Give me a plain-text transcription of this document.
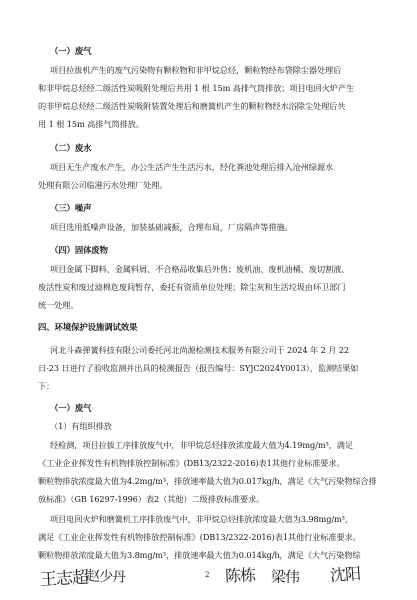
（一）废气
项目拉拔机产生的废气污染物有颗粒物和非甲烷总烃，颗粒物经布袋除尘器处理后
和非甲烷总烃经二级活性炭吸附处理后共用 1 根 15m 高排气筒排放；项目电回火炉产生
的非甲烷总烃经二级活性炭吸附装置处理后和磨簧机产生的颗粒物经水浴除尘处理后共
用 1 根 15m 高排气筒排放。
（二）废水
项目无生产废水产生，办公生活产生生活污水，经化粪池处理后排入沧州绿源水
处理有限公司临港污水处理厂处理。
（三）噪声
项目选用低噪声设备，加装基础减振，合理布局，厂房隔声等措施。
（四）固体废物
项目金属下脚料、金属料屑、不合格品收集后外售；废机油、废机油桶、废切割液、
废活性炭和废过滤棉危废间暂存，委托有资质单位处理；除尘灰和生活垃圾由环卫部门
统一处理。
四、环境保护设施调试效果
河北斗森弹簧科技有限公司委托河北尚源检测技术服务有限公司于 2024 年 2 月 22
日-23 日进行了验收监测并出具的检测报告（报告编号：SYJC2024Y0013），监测结果如
下：
（一）废气
（1）有组织排放
经检测，项目拉拔工序排放废气中，非甲烷总烃排放浓度最大值为4.19mg/m³，满足
《工业企业挥发性有机物排放控制标准》(DB13/2322-2016)表1其他行业标准要求。
颗粒物排放浓度最大值为4.2mg/m³，排放速率最大值为0.017kg/h，满足《大气污染物综合排
放标准》（GB 16297-1996）表2（其他）二级排放标准要求。
项目电回火炉和磨簧机工序排放废气中，非甲烷总烃排放浓度最大值为3.98mg/m³，
满足《工业企业挥发性有机物排放控制标准》(DB13/2322-2016)表1其他行业标准要求。
颗粒物排放浓度最大值为3.8mg/m³，排放速率最大值为0.014kg/h，满足《大气污染物综
王志超
赵少丹	2 陈栋 梁伟 沈阳
